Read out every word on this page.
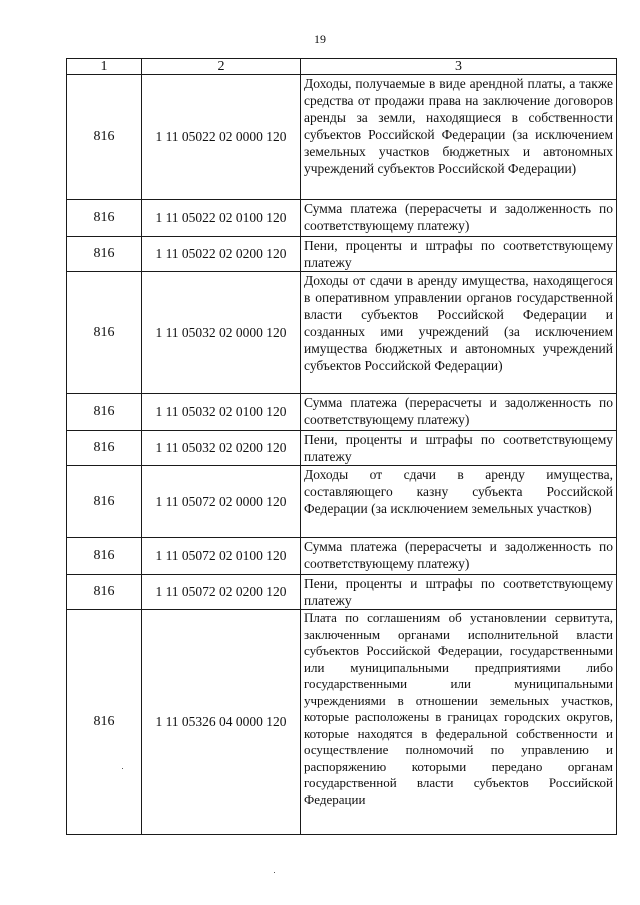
19
1	2	3
816	1 11 05022 02 0000 120	Доходы, получаемые в виде арендной платы, а также средства от продажи права на заключение договоров аренды за земли, находящиеся в собственности субъектов Российской Федерации (за исключением земельных участков бюджетных и автономных учреждений субъектов Российской Федерации)
816	1 11 05022 02 0100 120	Сумма платежа (перерасчеты и задолженность по соответствующему платежу)
816	1 11 05022 02 0200 120	Пени, проценты и штрафы по соответствующему платежу
816	1 11 05032 02 0000 120	Доходы от сдачи в аренду имущества, находящегося в оперативном управлении органов государственной власти субъектов Российской Федерации и созданных ими учреждений (за исключением имущества бюджетных и автономных учреждений субъектов Российской Федерации)
816	1 11 05032 02 0100 120	Сумма платежа (перерасчеты и задолженность по соответствующему платежу)
816	1 11 05032 02 0200 120	Пени, проценты и штрафы по соответствующему платежу
816	1 11 05072 02 0000 120	Доходы от сдачи в аренду имущества, составляющего казну субъекта Российской Федерации (за исключением земельных участков)
816	1 11 05072 02 0100 120	Сумма платежа (перерасчеты и задолженность по соответствующему платежу)
816	1 11 05072 02 0200 120	Пени, проценты и штрафы по соответствующему платежу
816	1 11 05326 04 0000 120	Плата по соглашениям об установлении сервитута, заключенным органами исполнительной власти субъектов Российской Федерации, государственными или муниципальными предприятиями либо государственными или муниципальными учреждениями в отношении земельных участков, которые расположены в границах городских округов, которые находятся в федеральной собственности и осуществление полномочий по управлению и распоряжению которыми передано органам государственной власти субъектов Российской Федерации
